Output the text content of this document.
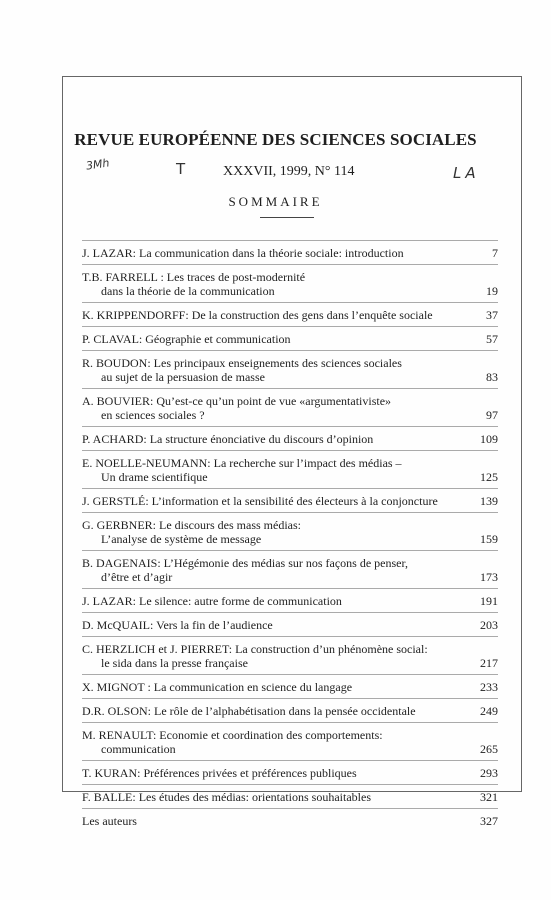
REVUE EUROPÉENNE DES SCIENCES SOCIALES
3Mh	T	XXXVII, 1999, N° 114	LA
SOMMAIRE
J. LAZAR: La communication dans la théorie sociale: introduction	7
T.B. FARRELL : Les traces de post-modernité
dans la théorie de la communication	19
K. KRIPPENDORFF: De la construction des gens dans l’enquête sociale	37
P. CLAVAL: Géographie et communication	57
R. BOUDON: Les principaux enseignements des sciences sociales
au sujet de la persuasion de masse	83
A. BOUVIER: Qu’est-ce qu’un point de vue «argumentativiste»
en sciences sociales ?	97
P. ACHARD: La structure énonciative du discours d’opinion	109
E. NOELLE-NEUMANN: La recherche sur l’impact des médias –
Un drame scientifique	125
J. GERSTLÉ: L’information et la sensibilité des électeurs à la conjoncture	139
G. GERBNER: Le discours des mass médias:
L’analyse de système de message	159
B. DAGENAIS: L’Hégémonie des médias sur nos façons de penser,
d’être et d’agir	173
J. LAZAR: Le silence: autre forme de communication	191
D. McQUAIL: Vers la fin de l’audience	203
C. HERZLICH et J. PIERRET: La construction d’un phénomène social:
le sida dans la presse française	217
X. MIGNOT : La communication en science du langage	233
D.R. OLSON: Le rôle de l’alphabétisation dans la pensée occidentale	249
M. RENAULT: Economie et coordination des comportements:
communication	265
T. KURAN: Préférences privées et préférences publiques	293
F. BALLE: Les études des médias: orientations souhaitables	321
Les auteurs	327
